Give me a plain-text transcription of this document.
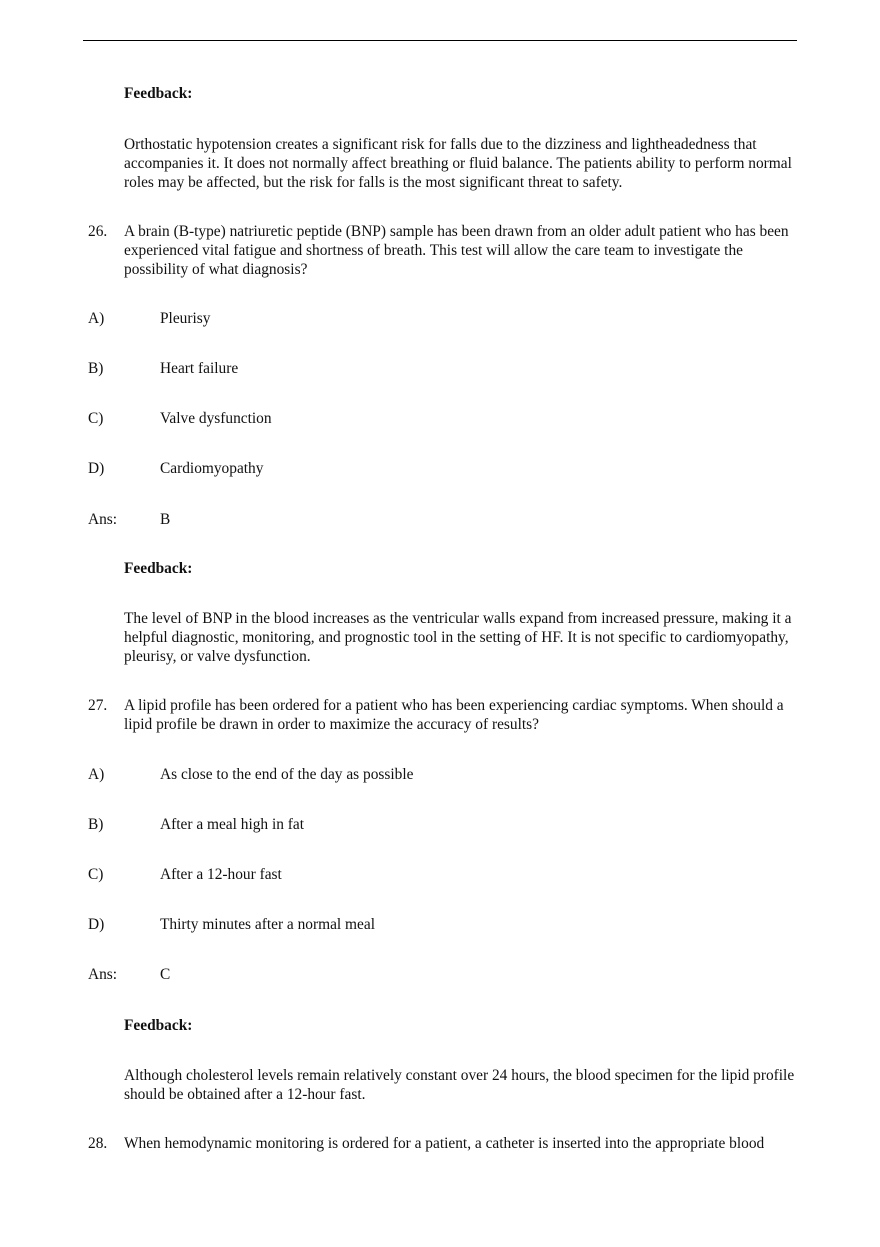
Feedback:
Orthostatic hypotension creates a significant risk for falls due to the dizziness and lightheadedness that accompanies it. It does not normally affect breathing or fluid balance. The patients ability to perform normal roles may be affected, but the risk for falls is the most significant threat to safety.
26. A brain (B-type) natriuretic peptide (BNP) sample has been drawn from an older adult patient who has been experienced vital fatigue and shortness of breath. This test will allow the care team to investigate the possibility of what diagnosis?
A)	Pleurisy
B)	Heart failure
C)	Valve dysfunction
D)	Cardiomyopathy
Ans:	B
Feedback:
The level of BNP in the blood increases as the ventricular walls expand from increased pressure, making it a helpful diagnostic, monitoring, and prognostic tool in the setting of HF. It is not specific to cardiomyopathy, pleurisy, or valve dysfunction.
27. A lipid profile has been ordered for a patient who has been experiencing cardiac symptoms. When should a lipid profile be drawn in order to maximize the accuracy of results?
A)	As close to the end of the day as possible
B)	After a meal high in fat
C)	After a 12-hour fast
D)	Thirty minutes after a normal meal
Ans:	C
Feedback:
Although cholesterol levels remain relatively constant over 24 hours, the blood specimen for the lipid profile should be obtained after a 12-hour fast.
28. When hemodynamic monitoring is ordered for a patient, a catheter is inserted into the appropriate blood
